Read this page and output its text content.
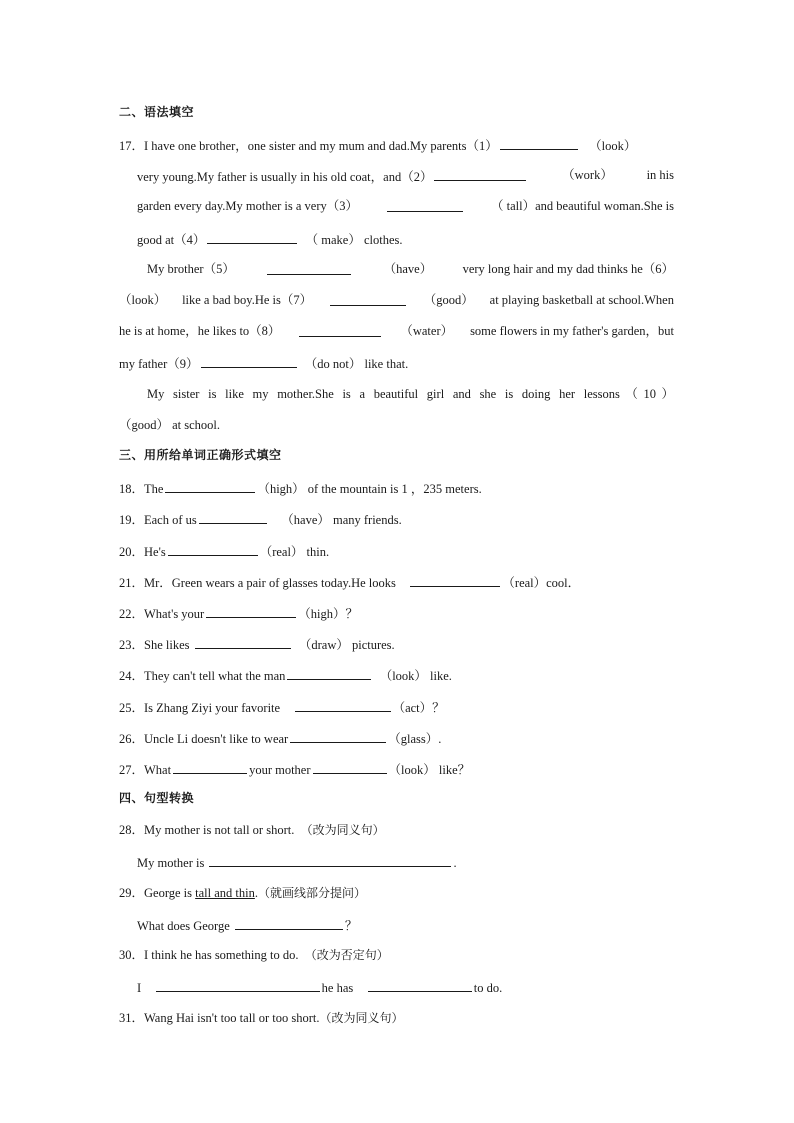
二、语法填空
17．I have one brother，one sister and my mum and dad.My parents（1）	（look）
very young.My father is usually in his old coat，and（2）	（work）	in his
garden every day.My mother is a very（3）	（ tall）and beautiful woman.She is
good at（4）	（ make） clothes.
My brother（5）	（have） very long hair and my dad thinks he（6）
（look） like a bad boy.He is（7）	（good） at playing basketball at school.When
he is at home，he likes to（8）	（water） some flowers in my father's garden，but
my father（9）	（do not） like that.
My sister is like my mother.She is a beautiful girl and she is doing her lessons（10）
（good） at school.
三、用所给单词正确形式填空
18．The	（high） of the mountain is 1 ，235 meters.
19．Each of us	（have） many friends.
20．He's	（real） thin.
21．Mr．Green wears a pair of glasses today.He looks	（real）cool．
22．What's your	（high）？
23．She likes	（draw） pictures.
24．They can't tell what the man	（look） like.
25．Is Zhang Ziyi your favorite	（act）？
26．Uncle Li doesn't like to wear	（glass）.
27．What	your mother	（look） like？
四、句型转换
28．My mother is not tall or short. （改为同义句）
My mother is	.
29．George is tall and thin.（就画线部分提问）
What does George	？
30．I think he has something to do. （改为否定句）
I	he has	to do.
31．Wang Hai isn't too tall or too short.（改为同义句）
